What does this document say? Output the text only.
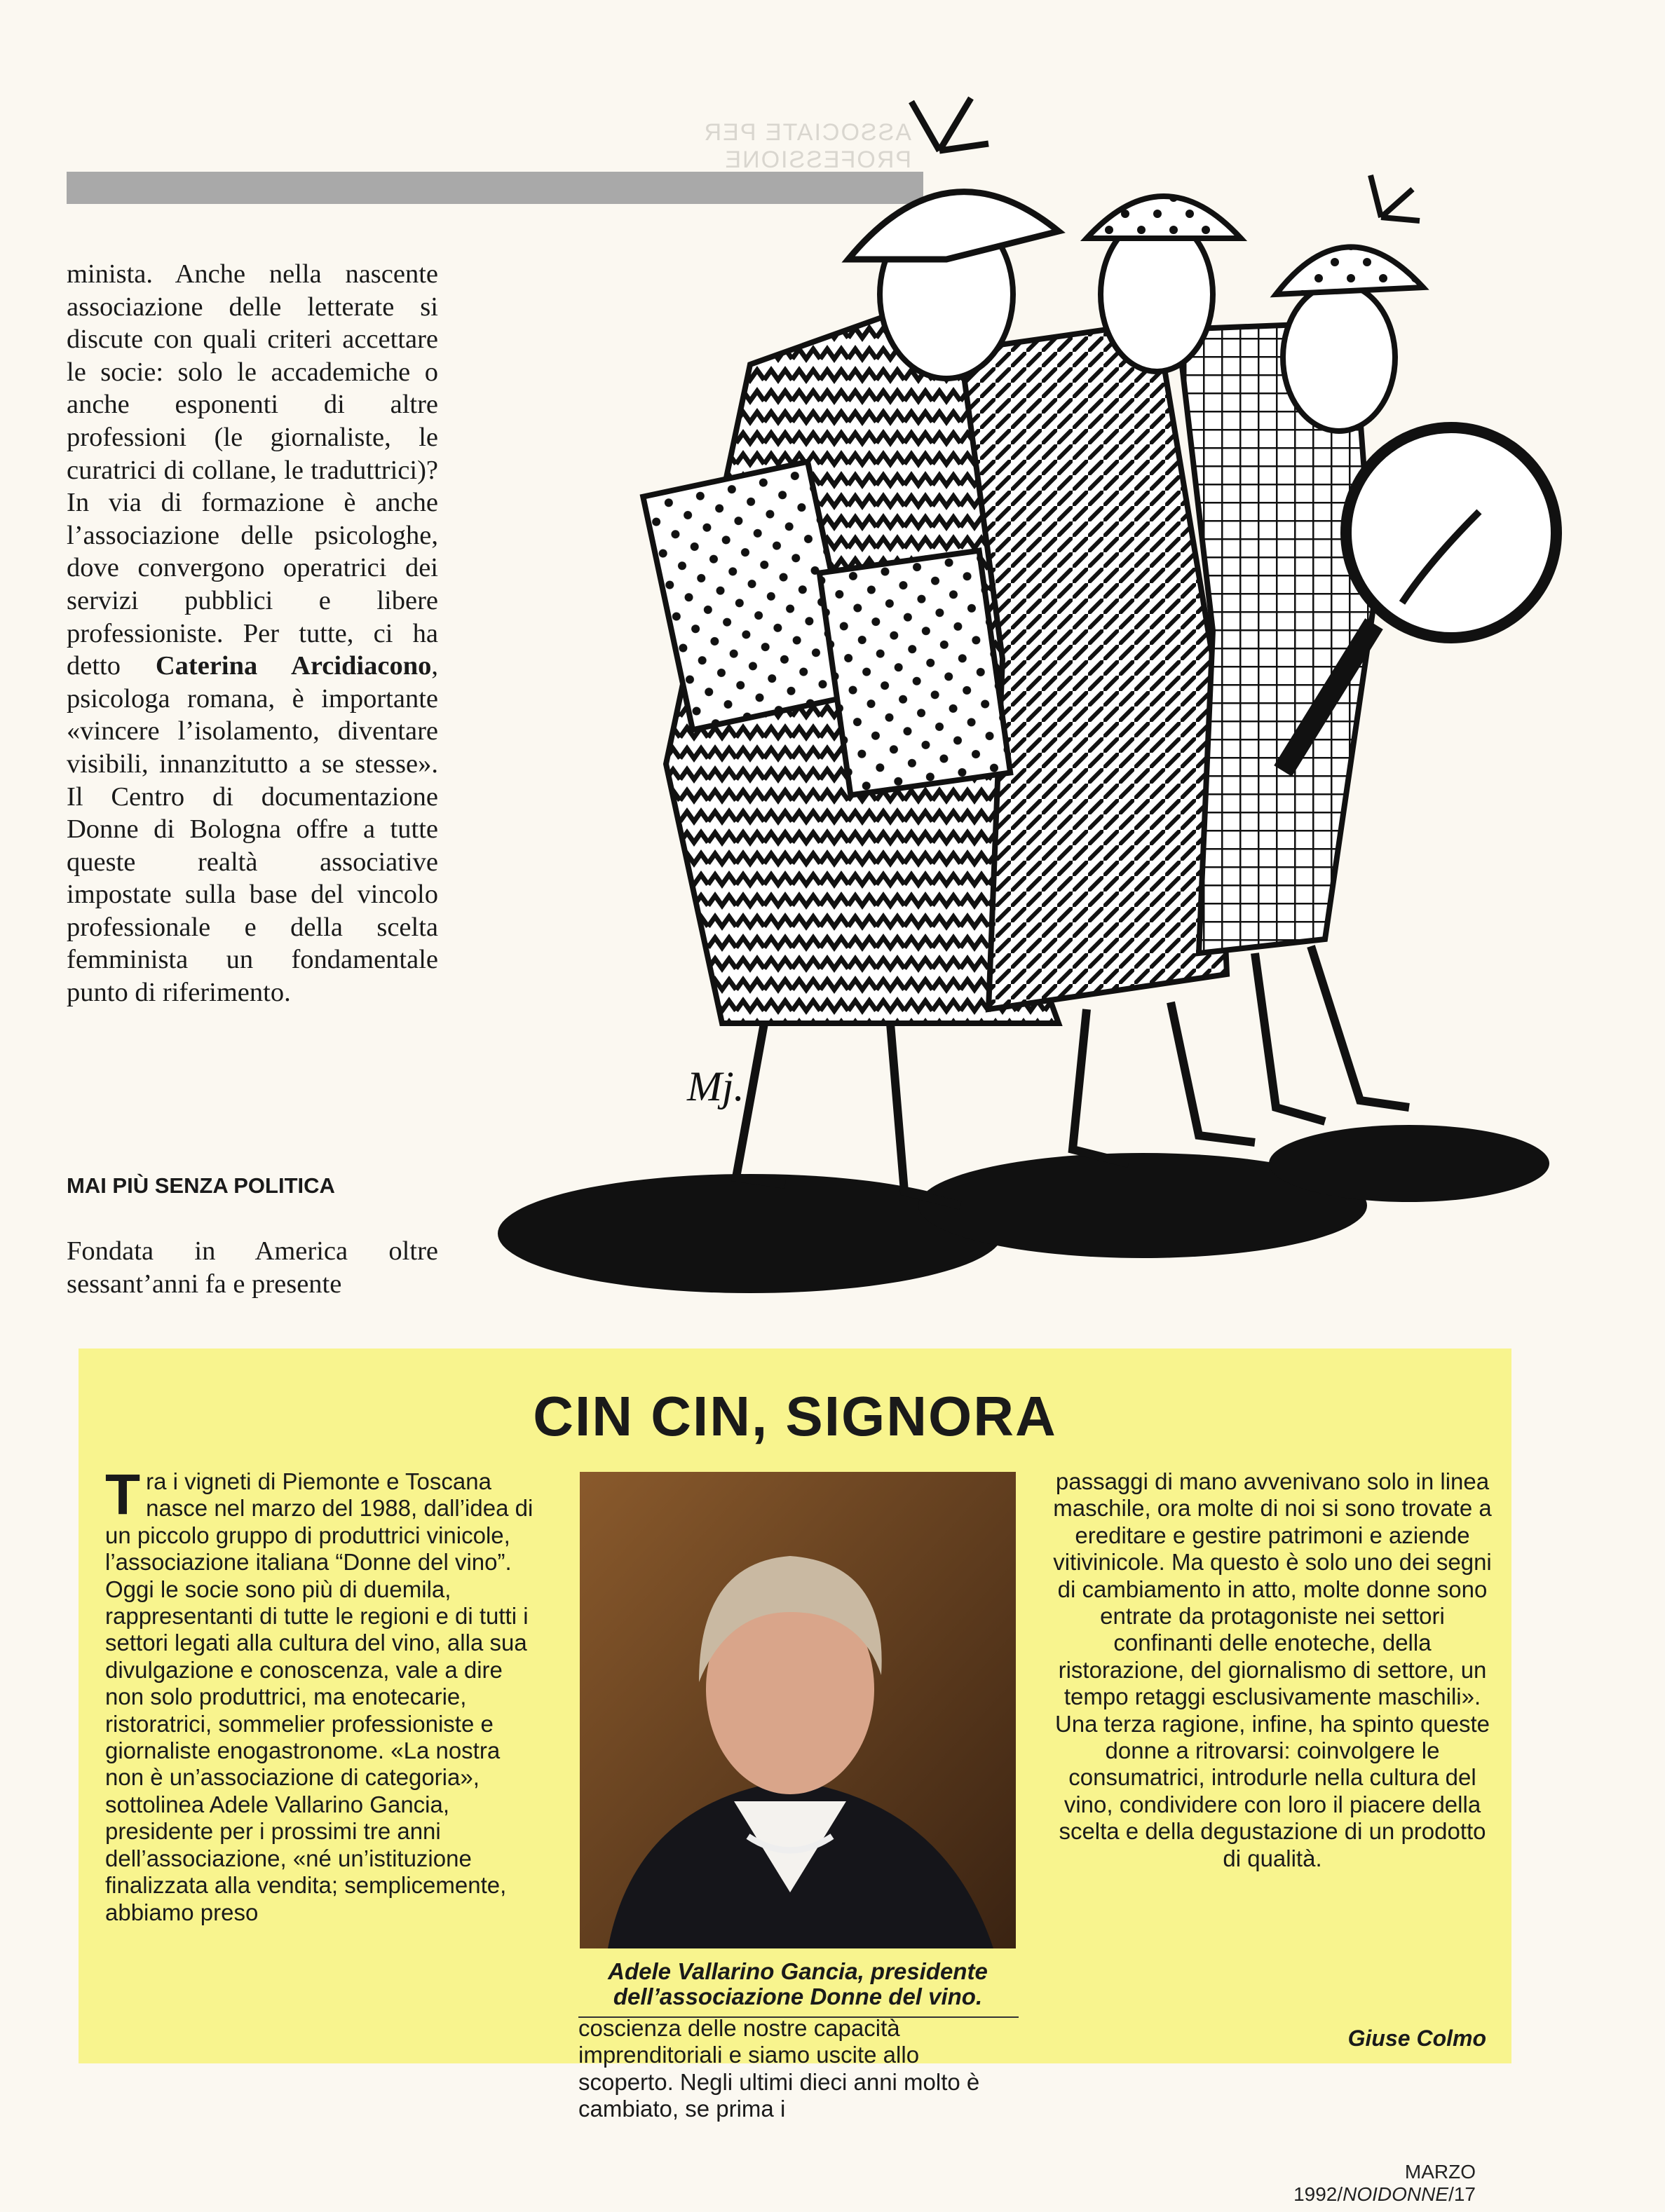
ASSOCIATE PER PROFESSIONE

minista. Anche nella nascente associazione delle letterate si discute con quali criteri accettare le socie: solo le accademiche o anche esponenti di altre professioni (le giornaliste, le curatrici di collane, le traduttrici)? In via di formazione è anche l’associazione delle psicologhe, dove convergono operatrici dei servizi pubblici e libere professioniste. Per tutte, ci ha detto Caterina Arcidiacono, psicologa romana, è importante «vincere l’isolamento, diventare visibili, innanzitutto a se stesse». Il Centro di documentazione Donne di Bologna offre a tutte queste realtà associative impostate sulla base del vincolo professionale e della scelta femminista un fondamentale punto di riferimento.

MAI PIÙ SENZA POLITICA
Fondata in America oltre sessant’anni fa e presente
Mj.
CIN CIN, SIGNORA

Tra i vigneti di Piemonte e Toscana nasce nel marzo del 1988, dall’idea di un piccolo gruppo di produttrici vinicole, l’associazione italiana “Donne del vino”. Oggi le socie sono più di duemila, rappresentanti di tutte le regioni e di tutti i settori legati alla cultura del vino, alla sua divulgazione e conoscenza, vale a dire non solo produttrici, ma enotecarie, ristoratrici, sommelier professioniste e giornaliste enogastronome. «La nostra non è un’associazione di categoria», sottolinea Adele Vallarino Gancia, presidente per i prossimi tre anni dell’associazione, «né un’istituzione finalizzata alla vendita; semplicemente, abbiamo preso

Adele Vallarino Gancia, presidente dell’associazione Donne del vino.

coscienza delle nostre capacità imprenditoriali e siamo uscite allo scoperto. Negli ultimi dieci anni molto è cambiato, se prima i

passaggi di mano avvenivano solo in linea maschile, ora molte di noi si sono trovate a ereditare e gestire patrimoni e aziende vitivinicole. Ma questo è solo uno dei segni di cambiamento in atto, molte donne sono entrate da protagoniste nei settori confinanti delle enoteche, della ristorazione, del giornalismo di settore, un tempo retaggi esclusivamente maschili». Una terza ragione, infine, ha spinto queste donne a ritrovarsi: coinvolgere le consumatrici, introdurle nella cultura del vino, condividere con loro il piacere della scelta e della degustazione di un prodotto di qualità.

Giuse Colmo
MARZO 1992/NOIDONNE/17
